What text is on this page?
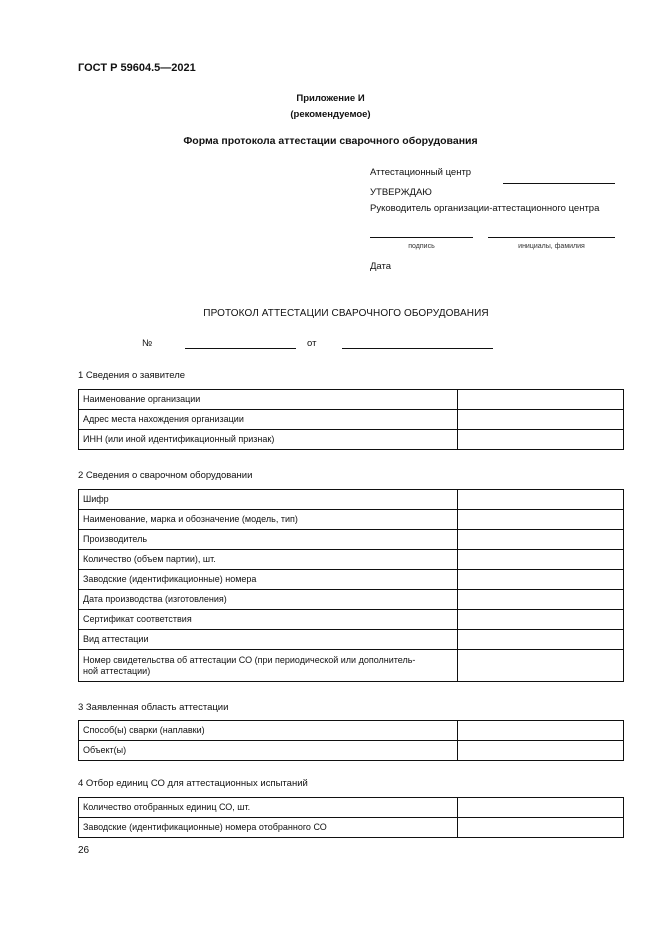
ГОСТ Р 59604.5—2021
Приложение И
(рекомендуемое)
Форма протокола аттестации сварочного оборудования
Аттестационный центр
УТВЕРЖДАЮ
Руководитель организации-аттестационного центра
подпись	инициалы, фамилия
Дата
ПРОТОКОЛ АТТЕСТАЦИИ СВАРОЧНОГО ОБОРУДОВАНИЯ
№	от
1 Сведения о заявителе
Наименование организации	
Адрес места нахождения организации	
ИНН (или иной идентификационный признак)	
2 Сведения о сварочном оборудовании
Шифр	
Наименование, марка и обозначение (модель, тип)	
Производитель	
Количество (объем партии), шт.	
Заводские (идентификационные) номера	
Дата производства (изготовления)	
Сертификат соответствия	
Вид аттестации	
Номер свидетельства об аттестации СО (при периодической или дополнитель-
ной аттестации)	
3 Заявленная область аттестации
Способ(ы) сварки (наплавки)	
Объект(ы)	
4 Отбор единиц СО для аттестационных испытаний
Количество отобранных единиц СО, шт.	
Заводские (идентификационные) номера отобранного СО	
26
